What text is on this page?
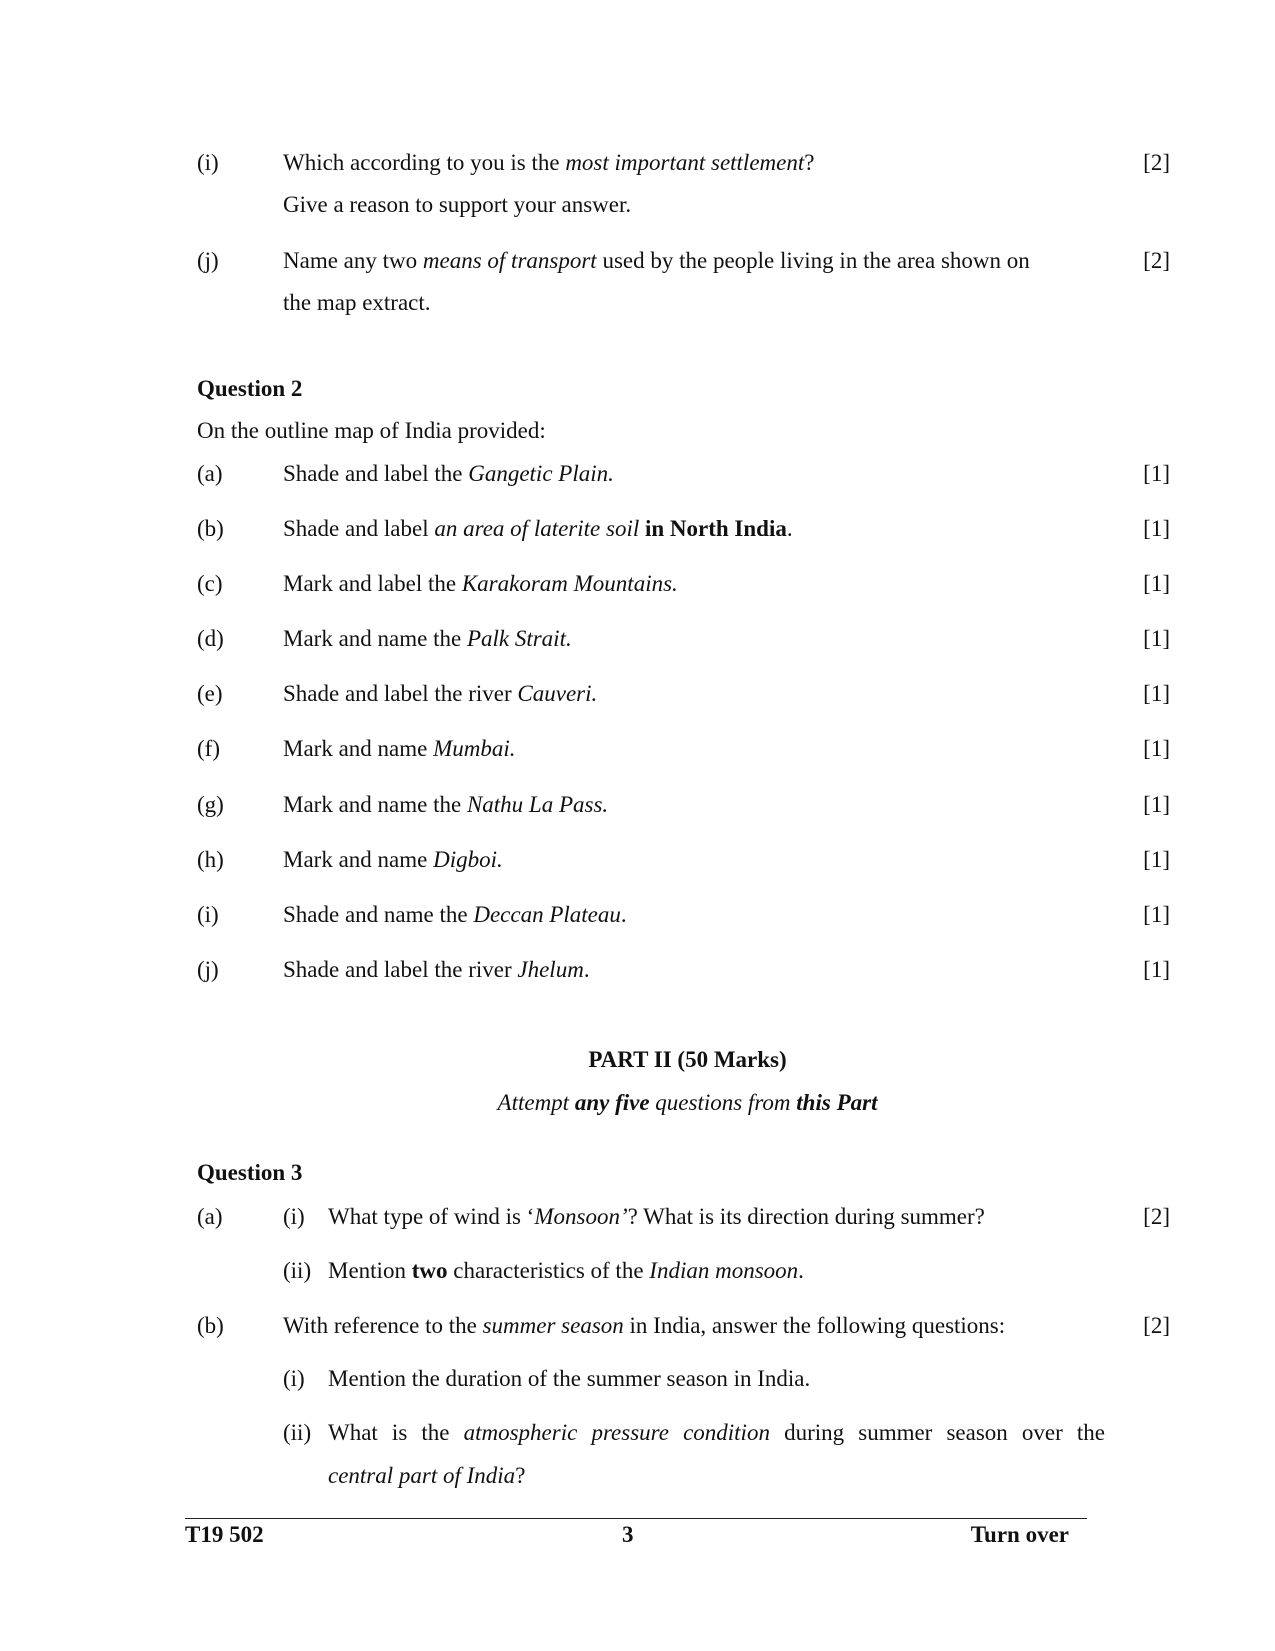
(i)	Which according to you is the most important settlement?	[2]
Give a reason to support your answer.
(j)	Name any two means of transport used by the people living in the area shown on	[2]
the map extract.
Question 2
On the outline map of India provided:
(a)	Shade and label the Gangetic Plain.	[1]
(b)	Shade and label an area of laterite soil in North India.	[1]
(c)	Mark and label the Karakoram Mountains.	[1]
(d)	Mark and name the Palk Strait.	[1]
(e)	Shade and label the river Cauveri.	[1]
(f)	Mark and name Mumbai.	[1]
(g)	Mark and name the Nathu La Pass.	[1]
(h)	Mark and name Digboi.	[1]
(i)	Shade and name the Deccan Plateau.	[1]
(j)	Shade and label the river Jhelum.	[1]
PART II (50 Marks)
Attempt any five questions from this Part
Question 3
(a)	(i) What type of wind is ‘Monsoon’? What is its direction during summer?	[2]
(ii) Mention two characteristics of the Indian monsoon.
(b)	With reference to the summer season in India, answer the following questions:	[2]
(i) Mention the duration of the summer season in India.
(ii) What is the atmospheric pressure condition during summer season over the
central part of India?
T19 502	3	Turn over
